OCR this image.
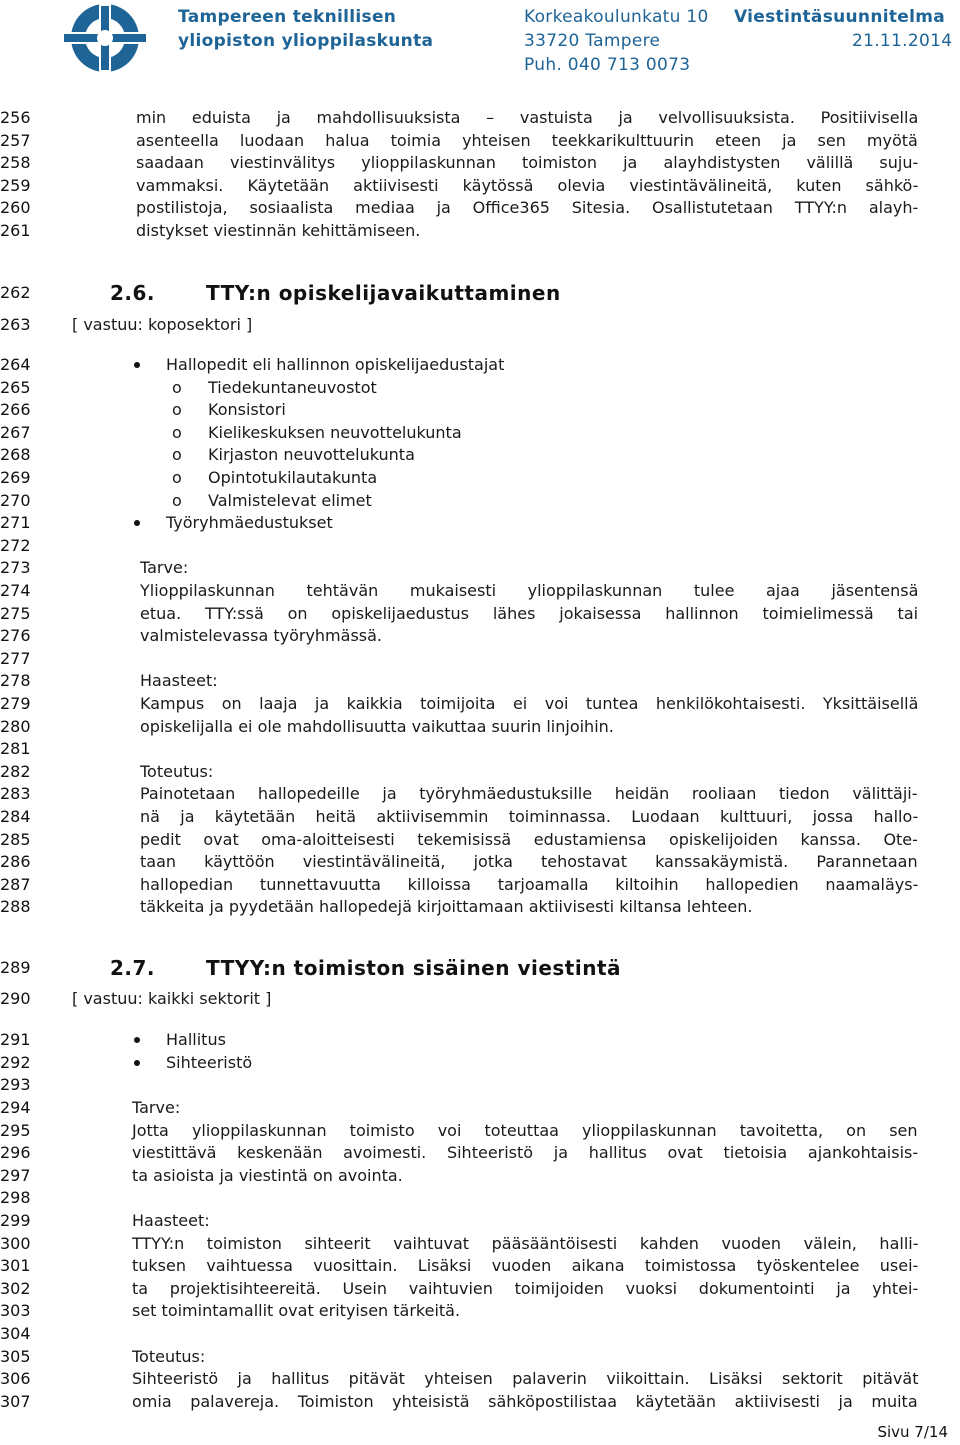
Tampereen teknillisen
yliopiston ylioppilaskunta
Korkeakoulunkatu 10
33720 Tampere
Puh. 040 713 0073
Viestintäsuunnitelma
21.11.2014
256	min eduista ja mahdollisuuksista – vastuista ja velvollisuuksista. Positiivisella
257	asenteella luodaan halua toimia yhteisen teekkarikulttuurin eteen ja sen myötä
258	saadaan viestinvälitys ylioppilaskunnan toimiston ja alayhdistysten välillä suju-
259	vammaksi. Käytetään aktiivisesti käytössä olevia viestintävälineitä, kuten sähkö-
260	postilistoja, sosiaalista mediaa ja Office365 Sitesia. Osallistutetaan TTYY:n alayh-
261	distykset viestinnän kehittämiseen.
262
263	[ vastuu: koposektori ]
264	Hallopedit eli hallinnon opiskelijaedustajat
265	o Tiedekuntaneuvostot
266	o Konsistori
267	o Kielikeskuksen neuvottelukunta
268	o Kirjaston neuvottelukunta
269	o Opintotukilautakunta
270	o Valmistelevat elimet
271	Työryhmäedustukset
272
273	Tarve:
274	Ylioppilaskunnan tehtävän mukaisesti ylioppilaskunnan tulee ajaa jäsentensä
275	etua. TTY:ssä on opiskelijaedustus lähes jokaisessa hallinnon toimielimessä tai
276	valmistelevassa työryhmässä.
277
278	Haasteet:
279	Kampus on laaja ja kaikkia toimijoita ei voi tuntea henkilökohtaisesti. Yksittäisellä
280	opiskelijalla ei ole mahdollisuutta vaikuttaa suurin linjoihin.
281
282	Toteutus:
283	Painotetaan hallopedeille ja työryhmäedustuksille heidän rooliaan tiedon välittäji-
284	nä ja käytetään heitä aktiivisemmin toiminnassa. Luodaan kulttuuri, jossa hallo-
285	pedit ovat oma-aloitteisesti tekemisissä edustamiensa opiskelijoiden kanssa. Ote-
286	taan käyttöön viestintävälineitä, jotka tehostavat kanssakäymistä. Parannetaan
287	hallopedian tunnettavuutta killoissa tarjoamalla kiltoihin hallopedien naamaläys-
288	täkkeita ja pyydetään hallopedejä kirjoittamaan aktiivisesti kiltansa lehteen.
289
290	[ vastuu: kaikki sektorit ]
291	Hallitus
292	Sihteeristö
293
294	Tarve:
295	Jotta ylioppilaskunnan toimisto voi toteuttaa ylioppilaskunnan tavoitetta, on sen
296	viestittävä keskenään avoimesti. Sihteeristö ja hallitus ovat tietoisia ajankohtaisis-
297	ta asioista ja viestintä on avointa.
298
299	Haasteet:
300	TTYY:n toimiston sihteerit vaihtuvat pääsääntöisesti kahden vuoden välein, halli-
301	tuksen vaihtuessa vuosittain. Lisäksi vuoden aikana toimistossa työskentelee usei-
302	ta projektisihteereitä. Usein vaihtuvien toimijoiden vuoksi dokumentointi ja yhtei-
303	set toimintamallit ovat erityisen tärkeitä.
304
305	Toteutus:
306	Sihteeristö ja hallitus pitävät yhteisen palaverin viikoittain. Lisäksi sektorit pitävät
307	omia palavereja. Toimiston yhteisistä sähköpostilistaa käytetään aktiivisesti ja muita
2.6.	TTY:n opiskelijavaikuttaminen
2.7.	TTYY:n toimiston sisäinen viestintä
Sivu 7/14
